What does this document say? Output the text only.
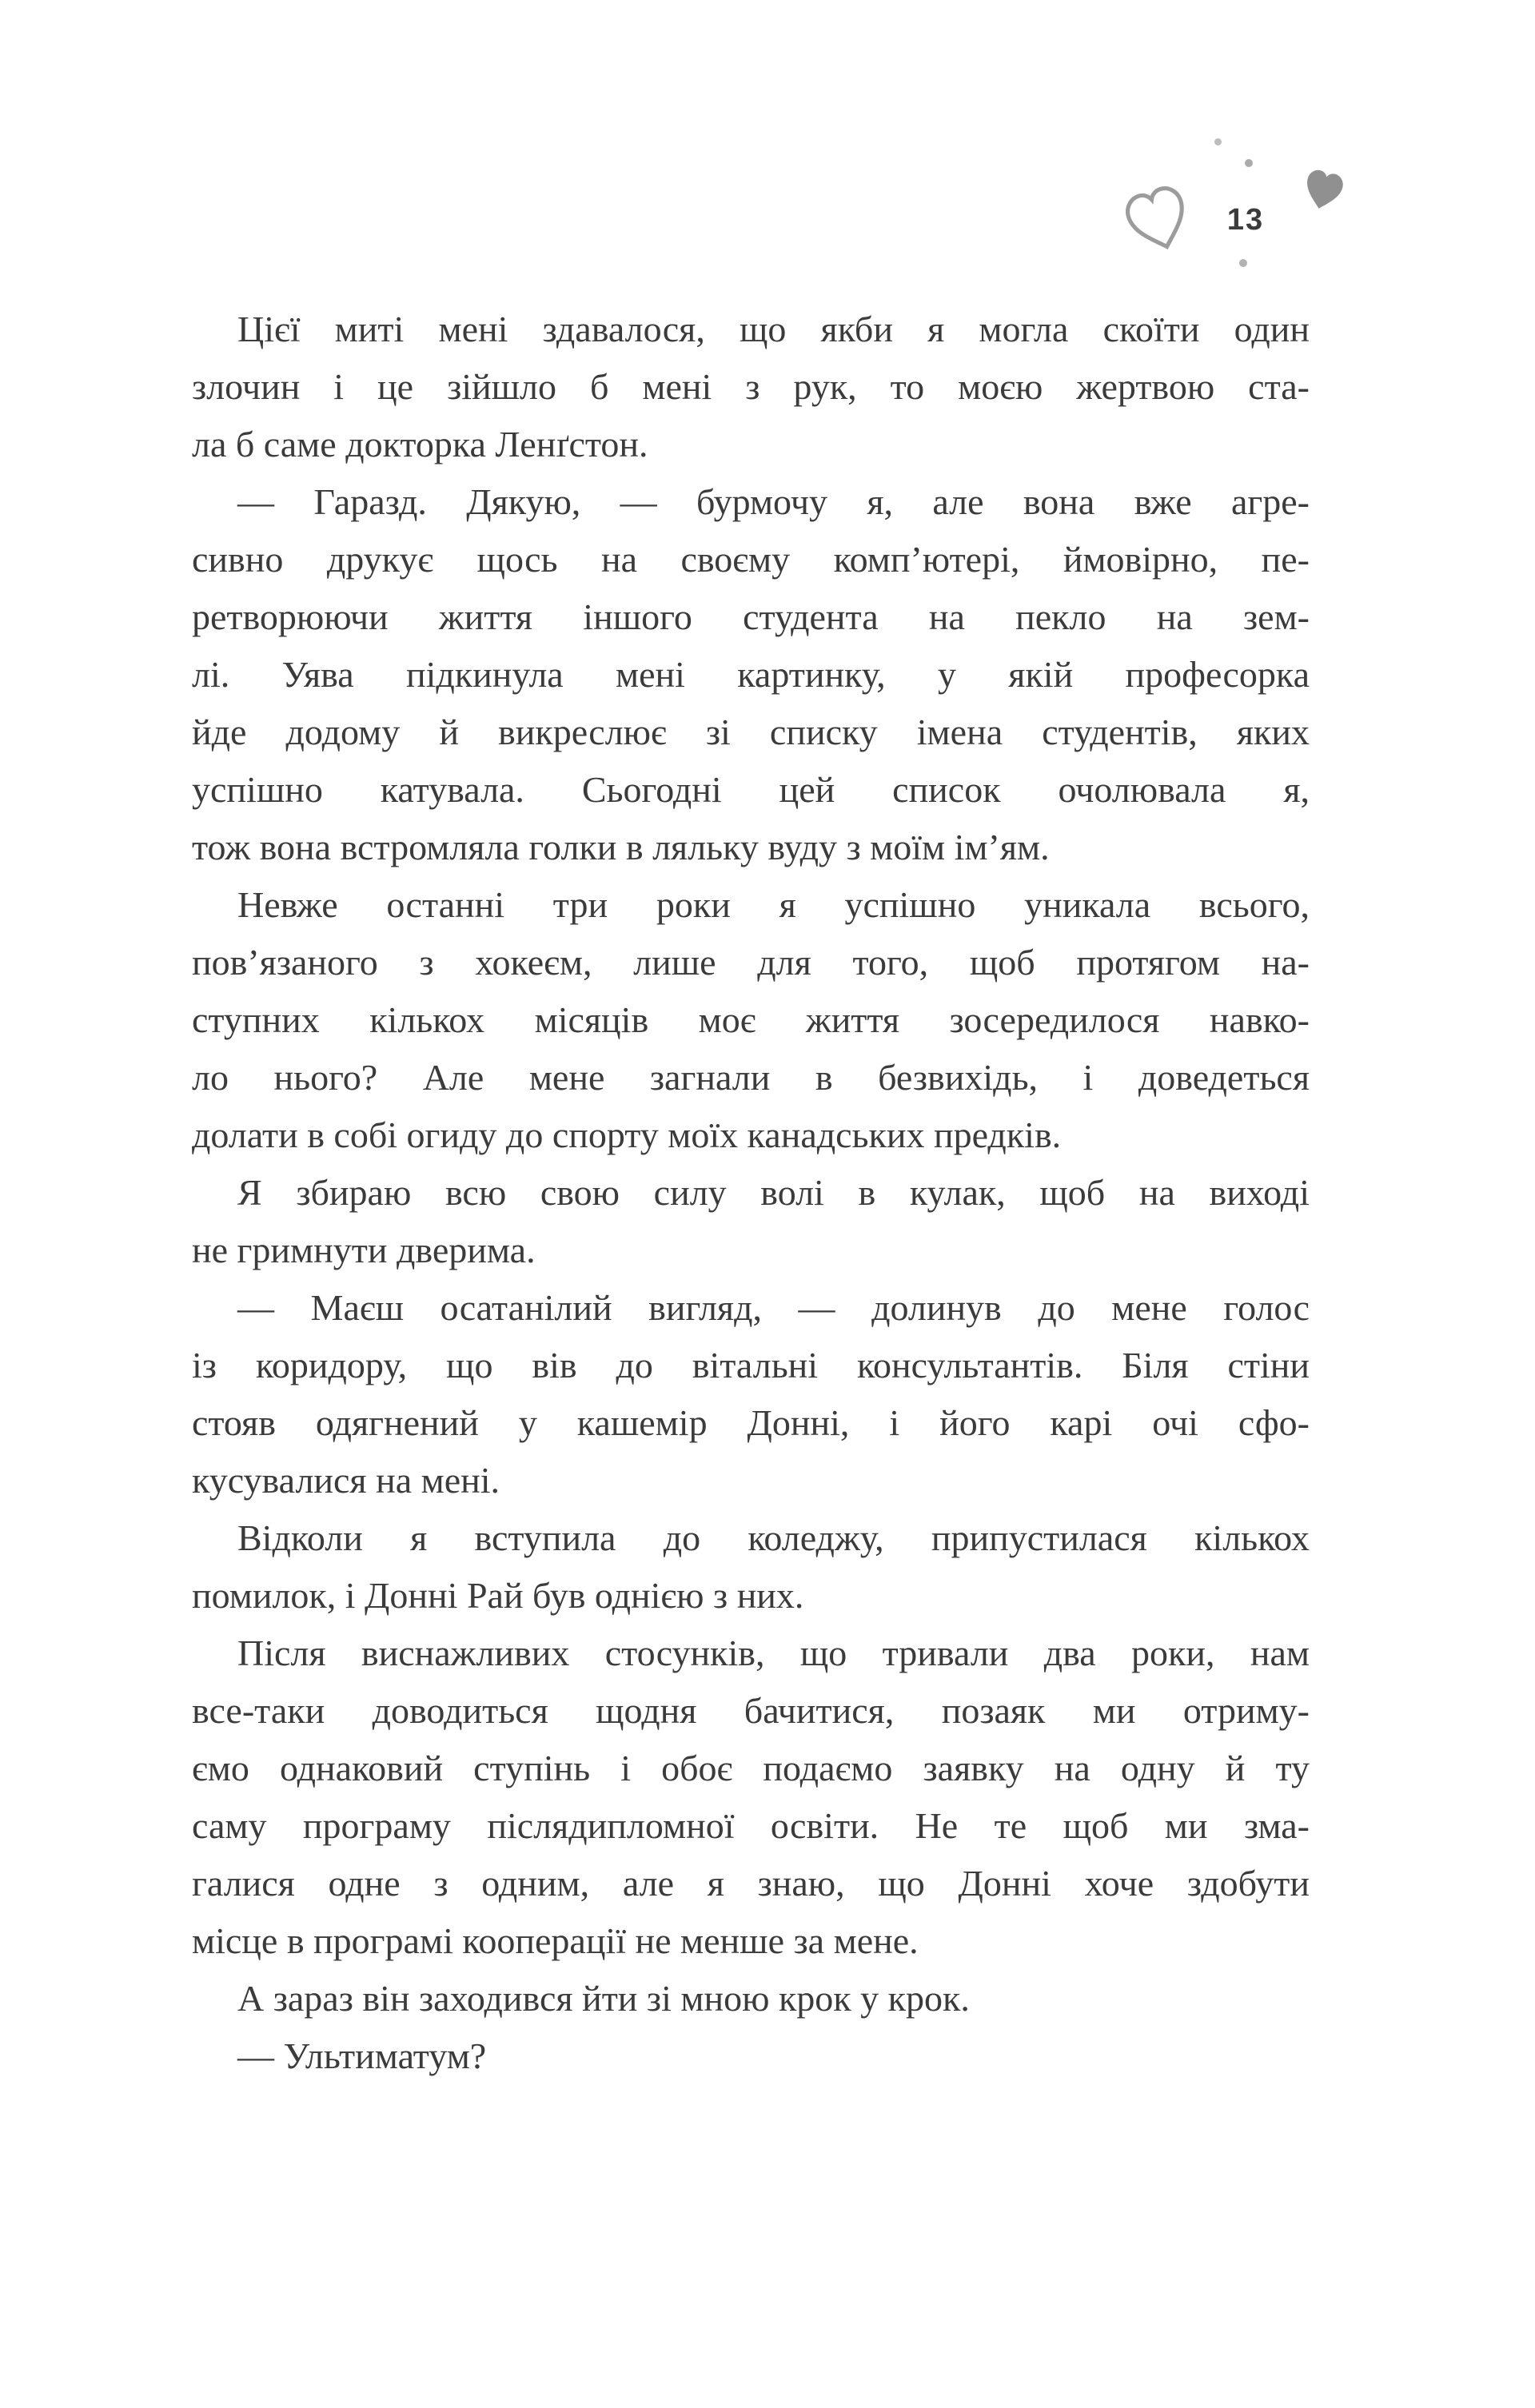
13
Цієї миті мені здавалося, що якби я могла скоїти один
злочин і це зійшло б мені з рук, то моєю жертвою ста-
ла б саме докторка Ленґстон.
— Гаразд. Дякую, — бурмочу я, але вона вже агре-
сивно друкує щось на своєму комп’ютері, ймовірно, пе-
ретворюючи життя іншого студента на пекло на зем-
лі. Уява підкинула мені картинку, у якій професорка
йде додому й викреслює зі списку імена студентів, яких
успішно катувала. Сьогодні цей список очолювала я,
тож вона встромляла голки в ляльку вуду з моїм ім’ям.
Невже останні три роки я успішно уникала всього,
пов’язаного з хокеєм, лише для того, щоб протягом на-
ступних кількох місяців моє життя зосередилося навко-
ло нього? Але мене загнали в безвихідь, і доведеться
долати в собі огиду до спорту моїх канадських предків.
Я збираю всю свою силу волі в кулак, щоб на виході
не гримнути дверима.
— Маєш осатанілий вигляд, — долинув до мене голос
із коридору, що вів до вітальні консультантів. Біля стіни
стояв одягнений у кашемір Донні, і його карі очі сфо-
кусувалися на мені.
Відколи я вступила до коледжу, припустилася кількох
помилок, і Донні Рай був однією з них.
Після виснажливих стосунків, що тривали два роки, нам
все-таки доводиться щодня бачитися, позаяк ми отриму-
ємо однаковий ступінь і обоє подаємо заявку на одну й ту
саму програму післядипломної освіти. Не те щоб ми зма-
галися одне з одним, але я знаю, що Донні хоче здобути
місце в програмі кооперації не менше за мене.
А зараз він заходився йти зі мною крок у крок.
— Ультиматум?
